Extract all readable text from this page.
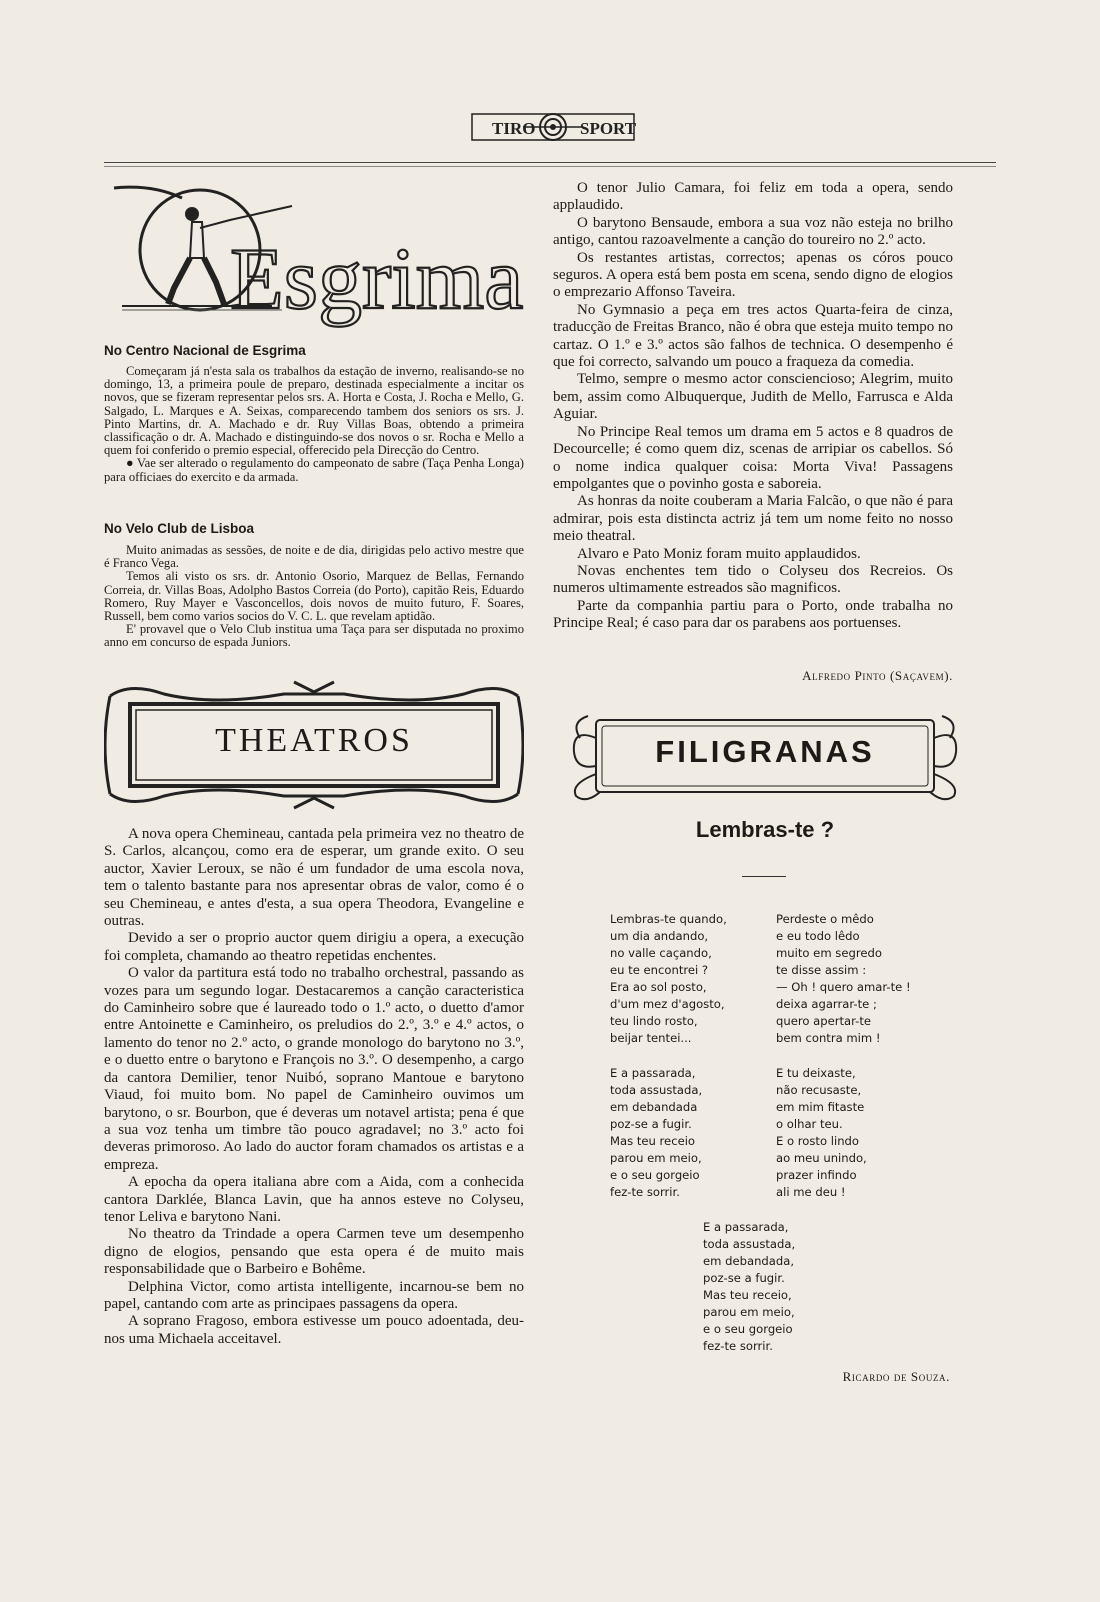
TIRO	SPORT
Esgrima
No Centro Nacional de Esgrima

Começaram já n'esta sala os trabalhos da estação de inverno, realisando-se no domingo, 13, a primeira poule de preparo, destinada especialmente a incitar os novos, que se fizeram representar pelos srs. A. Horta e Costa, J. Rocha e Mello, G. Salgado, L. Marques e A. Seixas, comparecendo tambem dos seniors os srs. J. Pinto Martins, dr. A. Machado e dr. Ruy Villas Boas, obtendo a primeira classificação o dr. A. Machado e distinguindo-se dos novos o sr. Rocha e Mello a quem foi conferido o premio especial, offerecido pela Direcção do Centro.

● Vae ser alterado o regulamento do campeonato de sabre (Taça Penha Longa) para officiaes do exercito e da armada.

No Velo Club de Lisboa

Muito animadas as sessões, de noite e de dia, dirigidas pelo activo mestre que é Franco Vega.

Temos ali visto os srs. dr. Antonio Osorio, Marquez de Bellas, Fernando Correia, dr. Villas Boas, Adolpho Bastos Correia (do Porto), capitão Reis, Eduardo Romero, Ruy Mayer e Vasconcellos, dois novos de muito futuro, F. Soares, Russell, bem como varios socios do V. C. L. que revelam aptidão.

E' provavel que o Velo Club institua uma Taça para ser disputada no proximo anno em concurso de espada Juniors.

THEATROS

A nova opera Chemineau, cantada pela primeira vez no theatro de S. Carlos, alcançou, como era de esperar, um grande exito. O seu auctor, Xavier Leroux, se não é um fundador de uma escola nova, tem o talento bastante para nos apresentar obras de valor, como é o seu Chemineau, e antes d'esta, a sua opera Theodora, Evangeline e outras.

Devido a ser o proprio auctor quem dirigiu a opera, a execução foi completa, chamando ao theatro repetidas enchentes.

O valor da partitura está todo no trabalho orchestral, passando as vozes para um segundo logar. Destacaremos a canção caracteristica do Caminheiro sobre que é laureado todo o 1.º acto, o duetto d'amor entre Antoinette e Caminheiro, os preludios do 2.º, 3.º e 4.º actos, o lamento do tenor no 2.º acto, o grande monologo do barytono no 3.º, e o duetto entre o barytono e François no 3.º. O desempenho, a cargo da cantora Demilier, tenor Nuibó, soprano Mantoue e barytono Viaud, foi muito bom. No papel de Caminheiro ouvimos um barytono, o sr. Bourbon, que é deveras um notavel artista; pena é que a sua voz tenha um timbre tão pouco agradavel; no 3.º acto foi deveras primoroso. Ao lado do auctor foram chamados os artistas e a empreza.

A epocha da opera italiana abre com a Aida, com a conhecida cantora Darklée, Blanca Lavin, que ha annos esteve no Colyseu, tenor Leliva e barytono Nani.

No theatro da Trindade a opera Carmen teve um desempenho digno de elogios, pensando que esta opera é de muito mais responsabilidade que o Barbeiro e Bohême.

Delphina Victor, como artista intelligente, incarnou-se bem no papel, cantando com arte as principaes passagens da opera.

A soprano Fragoso, embora estivesse um pouco adoentada, deu-nos uma Michaela acceitavel.

O tenor Julio Camara, foi feliz em toda a opera, sendo applaudido.

O barytono Bensaude, embora a sua voz não esteja no brilho antigo, cantou razoavelmente a canção do toureiro no 2.º acto.

Os restantes artistas, correctos; apenas os córos pouco seguros. A opera está bem posta em scena, sendo digno de elogios o emprezario Affonso Taveira.

No Gymnasio a peça em tres actos Quarta-feira de cinza, traducção de Freitas Branco, não é obra que esteja muito tempo no cartaz. O 1.º e 3.º actos são falhos de technica. O desempenho é que foi correcto, salvando um pouco a fraqueza da comedia.

Telmo, sempre o mesmo actor consciencioso; Alegrim, muito bem, assim como Albuquerque, Judith de Mello, Farrusca e Alda Aguiar.

No Principe Real temos um drama em 5 actos e 8 quadros de Decourcelle; é como quem diz, scenas de arripiar os cabellos. Só o nome indica qualquer coisa: Morta Viva! Passagens empolgantes que o povinho gosta e saboreia.

As honras da noite couberam a Maria Falcão, o que não é para admirar, pois esta distincta actriz já tem um nome feito no nosso meio theatral.

Alvaro e Pato Moniz foram muito applaudidos.

Novas enchentes tem tido o Colyseu dos Recreios. Os numeros ultimamente estreados são magnificos.

Parte da companhia partiu para o Porto, onde trabalha no Principe Real; é caso para dar os parabens aos portuenses.

Alfredo Pinto (Saçavem).
FILIGRANAS
Lembras-te ?
Lembras-te quando,
um dia andando,
no valle caçando,
eu te encontrei ?
Era ao sol posto,
d'um mez d'agosto,
teu lindo rosto,
beijar tentei...
Perdeste o mêdo
e eu todo lêdo
muito em segredo
te disse assim :
— Oh ! quero amar-te !
deixa agarrar-te ;
quero apertar-te
bem contra mim !
E a passarada,
toda assustada,
em debandada
poz-se a fugir.
Mas teu receio
parou em meio,
e o seu gorgeio
fez-te sorrir.
E tu deixaste,
não recusaste,
em mim fitaste
o olhar teu.
E o rosto lindo
ao meu unindo,
prazer infindo
ali me deu !
E a passarada,
toda assustada,
em debandada,
poz-se a fugir.
Mas teu receio,
parou em meio,
e o seu gorgeio
fez-te sorrir.
Ricardo de Souza.
